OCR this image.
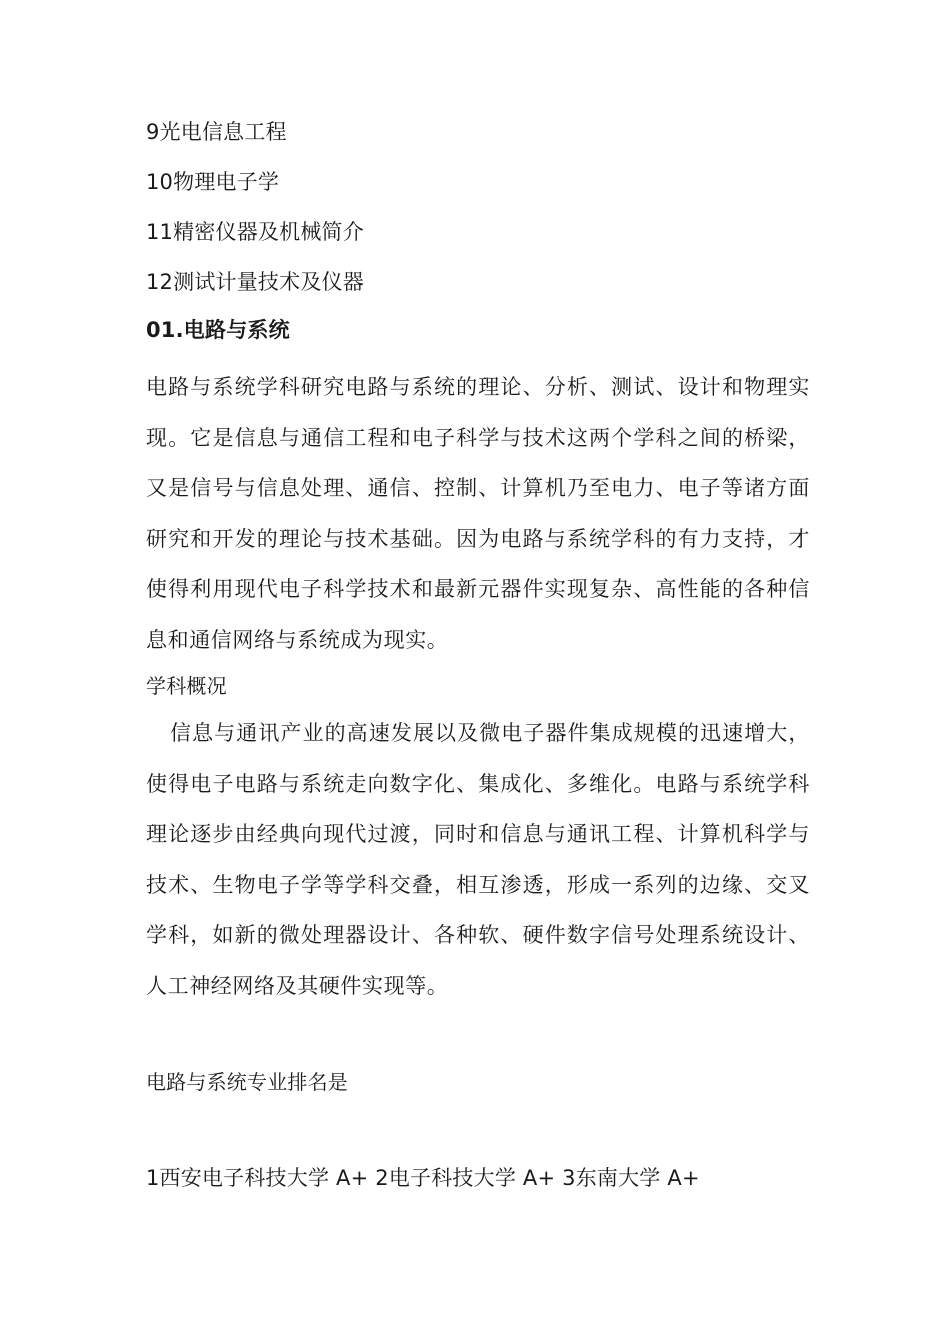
9光电信息工程
10物理电子学
11精密仪器及机械简介
12测试计量技术及仪器
01.电路与系统
电路与系统学科研究电路与系统的理论、分析、测试、设计和物理实现。它是信息与通信工程和电子科学与技术这两个学科之间的桥梁，又是信号与信息处理、通信、控制、计算机乃至电力、电子等诸方面研究和开发的理论与技术基础。因为电路与系统学科的有力支持，才使得利用现代电子科学技术和最新元器件实现复杂、高性能的各种信息和通信网络与系统成为现实。
学科概况
信息与通讯产业的高速发展以及微电子器件集成规模的迅速增大，使得电子电路与系统走向数字化、集成化、多维化。电路与系统学科理论逐步由经典向现代过渡，同时和信息与通讯工程、计算机科学与技术、生物电子学等学科交叠，相互渗透，形成一系列的边缘、交叉学科，如新的微处理器设计、各种软、硬件数字信号处理系统设计、人工神经网络及其硬件实现等。
电路与系统专业排名是
1西安电子科技大学 A+ 2电子科技大学 A+ 3东南大学 A+
